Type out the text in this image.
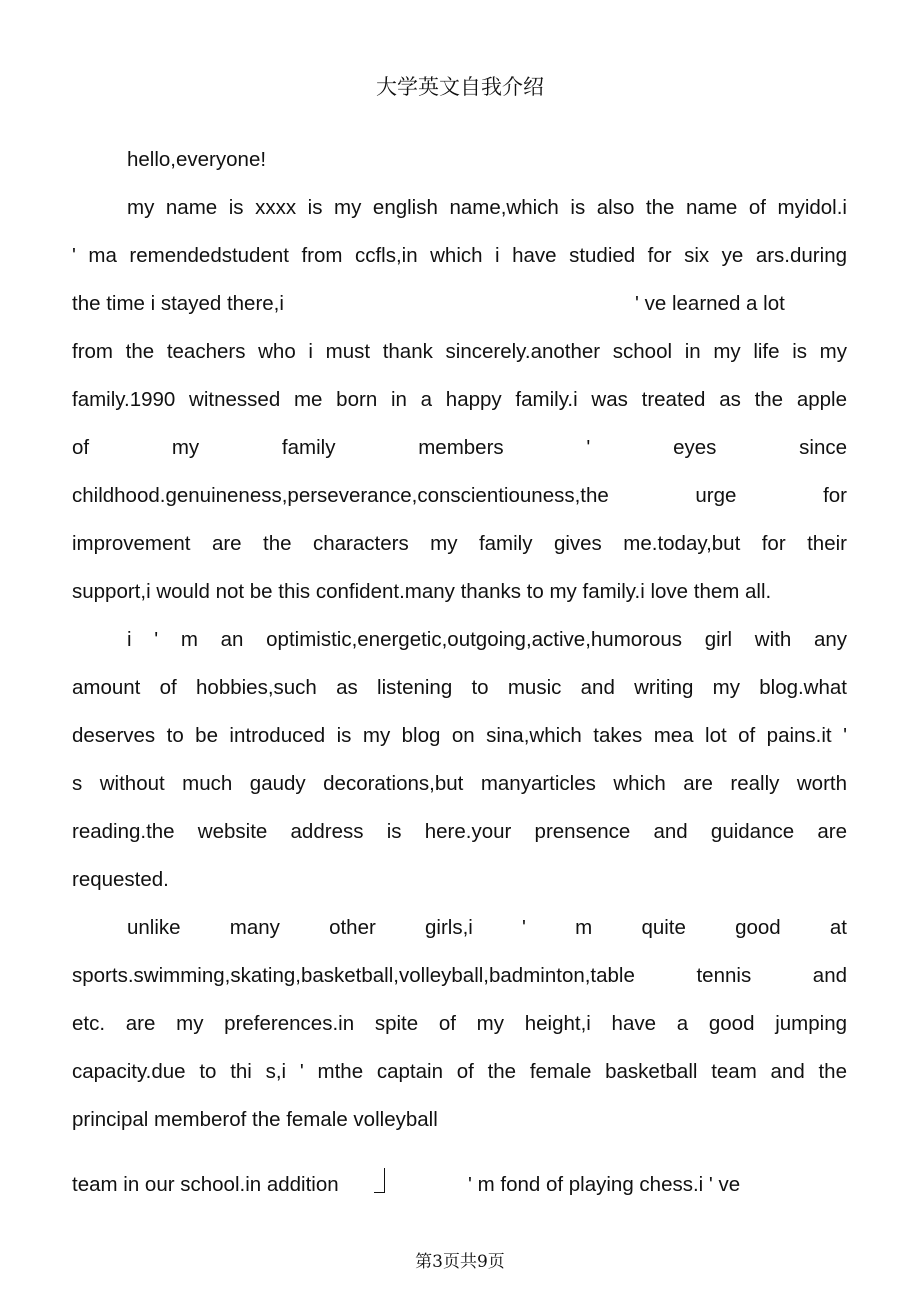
大学英文自我介绍

hello,everyone!

my name is xxxx is my english name,which is also the name of myidol.i

' ma remendedstudent from ccfls,in which i have studied for six ye ars.during

the time i stayed there,i	' ve learned a lot

from the teachers who i must thank sincerely.another school in my life is my

family.1990 witnessed me born in a happy family.i was treated as the apple

of my family members ' eyes since

childhood.genuineness,perseverance,conscientiouness,the urge for

improvement are the characters my family gives me.today,but for their

support,i would not be this confident.many thanks to my family.i love them all.

i ' m an optimistic,energetic,outgoing,active,humorous girl with any

amount of hobbies,such as listening to music and writing my blog.what

deserves to be introduced is my blog on sina,which takes mea lot of pains.it '

s without much gaudy decorations,but manyarticles which are really worth

reading.the website address is here.your prensence and guidance are

requested.

unlike many other girls,i ' m quite good at

sports.swimming,skating,basketball,volleyball,badminton,table tennis and

etc. are my preferences.in spite of my height,i have a good jumping

capacity.due to thi s,i ' mthe captain of the female basketball team and the

principal memberof the female volleyball

team in our school.in addition	' m fond of playing chess.i ' ve
第3页共9页
